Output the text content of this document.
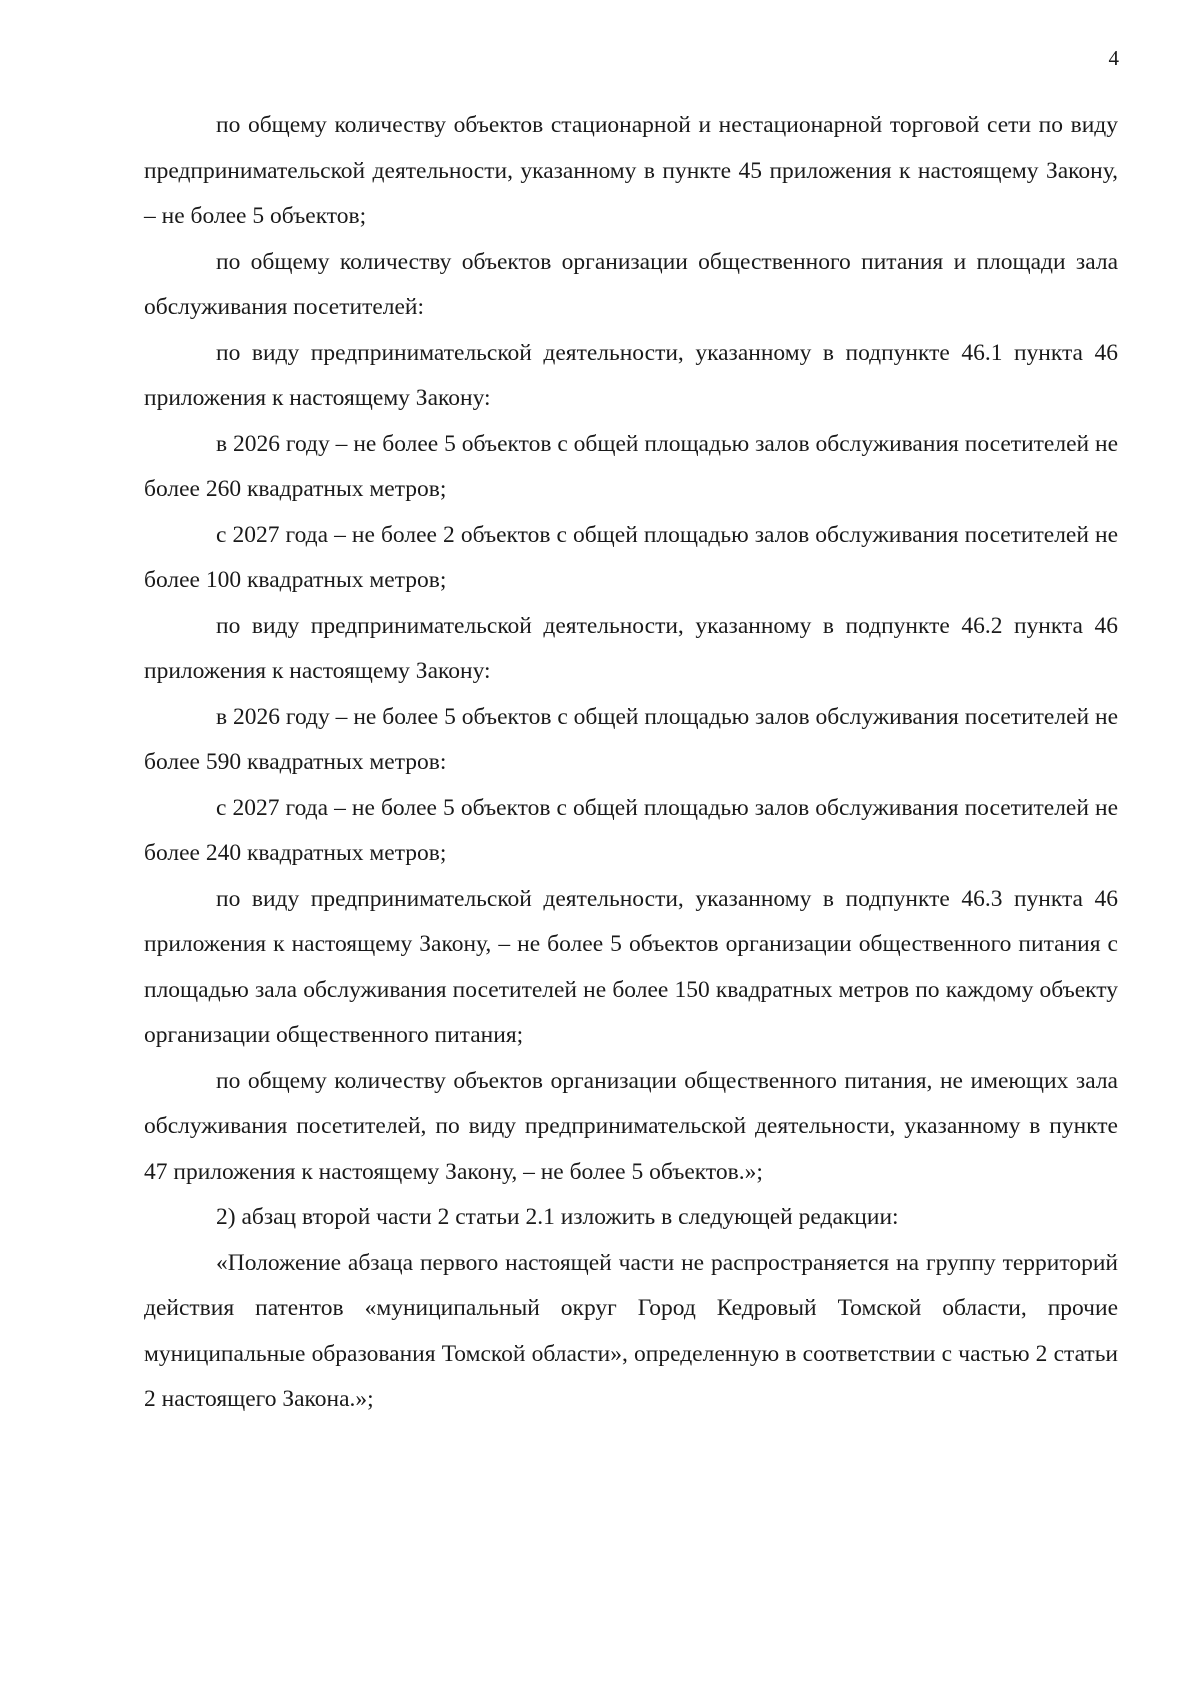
4

по общему количеству объектов стационарной и нестационарной торговой сети по виду предпринимательской деятельности, указанному в пункте 45 приложения к настоящему Закону, – не более 5 объектов;

по общему количеству объектов организации общественного питания и площади зала обслуживания посетителей:

по виду предпринимательской деятельности, указанному в подпункте 46.1 пункта 46 приложения к настоящему Закону:

в 2026 году – не более 5 объектов с общей площадью залов обслуживания посетителей не более 260 квадратных метров;

с 2027 года – не более 2 объектов с общей площадью залов обслуживания посетителей не более 100 квадратных метров;

по виду предпринимательской деятельности, указанному в подпункте 46.2 пункта 46 приложения к настоящему Закону:

в 2026 году – не более 5 объектов с общей площадью залов обслуживания посетителей не более 590 квадратных метров:

с 2027 года – не более 5 объектов с общей площадью залов обслуживания посетителей не более 240 квадратных метров;

по виду предпринимательской деятельности, указанному в подпункте 46.3 пункта 46 приложения к настоящему Закону, – не более 5 объектов организации общественного питания с площадью зала обслуживания посетителей не более 150 квадратных метров по каждому объекту организации общественного питания;

по общему количеству объектов организации общественного питания, не имеющих зала обслуживания посетителей, по виду предпринимательской деятельности, указанному в пункте 47 приложения к настоящему Закону, – не более 5 объектов.»;

2) абзац второй части 2 статьи 2.1 изложить в следующей редакции:

«Положение абзаца первого настоящей части не распространяется на группу территорий действия патентов «муниципальный округ Город Кедровый Томской области, прочие муниципальные образования Томской области», определенную в соответствии с частью 2 статьи 2 настоящего Закона.»;
